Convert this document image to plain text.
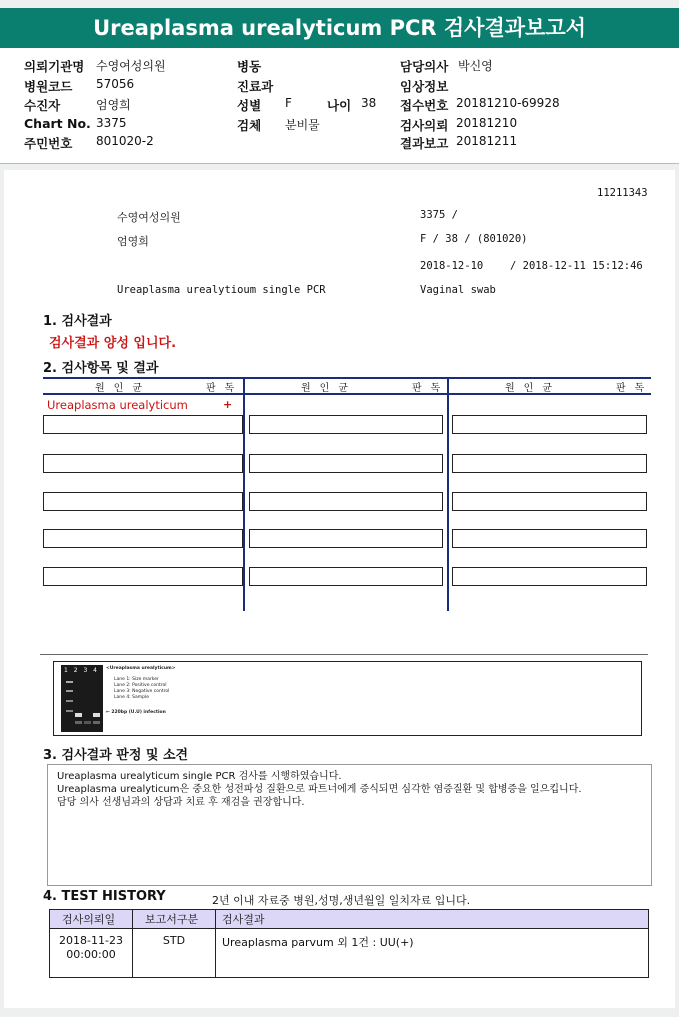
Ureaplasma urealyticum PCR 검사결과보고서
의뢰기관명 수영여성의원
병원코드 57056
수진자	엄영희
Chart No. 3375
주민번호 801020-2
병동
진료과
성별 F	나이 38
검체 분비물
담당의사 박신영
임상정보
접수번호 20181210-69928
검사의뢰 20181210
결과보고 20181211
11211343
수영여성의원	3375 /
엄영희	F / 38 / (801020)
2018-12-10	/ 2018-12-11 15:12:46
Ureaplasma urealytioum single PCR	Vaginal swab
1. 검사결과
검사결과 양성 입니다.
2. 검사항목 및 결과
원인균	판독	원인균	판독	원인균	판독
Ureaplasma urealyticum	+
1 2 3 4 <Ureaplasma urealyticum>
Lane 1: Size marker
Lane 2: Positive control
Lane 3: Negative control
Lane 4: Sample
← 220bp (U.U) infection
3. 검사결과 판정 및 소견
Ureaplasma urealyticum single PCR 검사를 시행하였습니다.
Ureaplasma urealyticum은 중요한 성전파성 질환으로 파트너에게 증식되면 심각한 염증질환 및 합병증을 일으킵니다.
담당 의사 선생님과의 상담과 치료 후 재검을 권장합니다.
4. TEST HISTORY	2년 이내 자료중 병원,성명,생년월일 일치자료 입니다.
검사의뢰일	보고서구분	검사결과

2018-11-23
00:00:00	STD	Ureaplasma parvum 외 1건 : UU(+)
